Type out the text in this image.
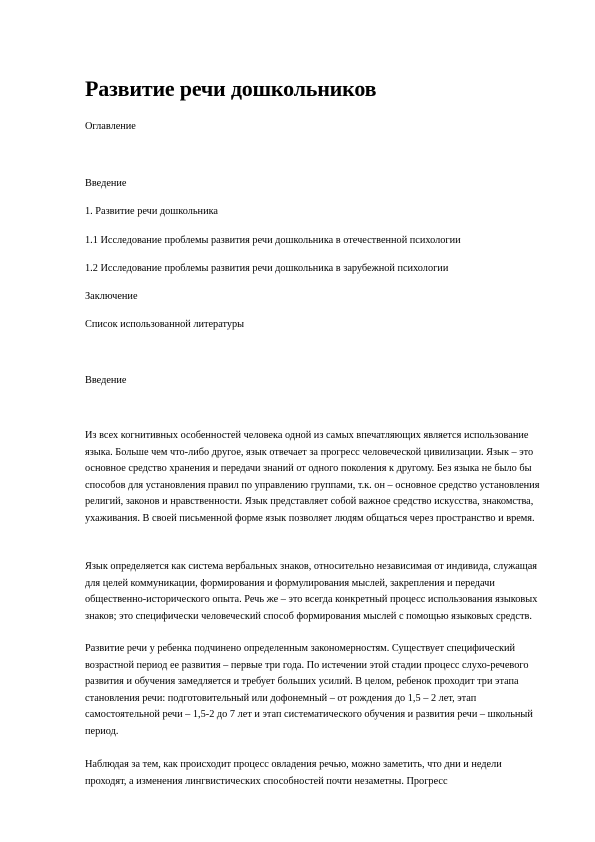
Развитие речи дошкольников

Оглавление

Введение

1. Развитие речи дошкольника

1.1 Исследование проблемы развития речи дошкольника в отечественной психологии

1.2 Исследование проблемы развития речи дошкольника в зарубежной психологии

Заключение

Список использованной литературы

Введение

Из всех когнитивных особенностей человека одной из самых впечатляющих является использование языка. Больше чем что-либо другое, язык отвечает за прогресс человеческой цивилизации. Язык – это основное средство хранения и передачи знаний от одного поколения к другому. Без языка не было бы способов для установления правил по управлению группами, т.к. он – основное средство установления религий, законов и нравственности. Язык представляет собой важное средство искусства, знакомства, ухаживания. В своей письменной форме язык позволяет людям общаться через пространство и время.

Язык определяется как система вербальных знаков, относительно независимая от индивида, служащая для целей коммуникации, формирования и формулирования мыслей, закрепления и передачи общественно-исторического опыта. Речь же – это всегда конкретный процесс использования языковых знаков; это специфически человеческий способ формирования мыслей с помощью языковых средств.

Развитие речи у ребенка подчинено определенным закономерностям. Существует специфический возрастной период ее развития – первые три года. По истечении этой стадии процесс слухо-речевого развития и обучения замедляется и требует больших усилий. В целом, ребенок проходит три этапа становления речи: подготовительный или дофонемный – от рождения до 1,5 – 2 лет, этап самостоятельной речи – 1,5-2 до 7 лет и этап систематического обучения и развития речи – школьный период.

Наблюдая за тем, как происходит процесс овладения речью, можно заметить, что дни и недели проходят, а изменения лингвистических способностей почти незаметны. Прогресс
